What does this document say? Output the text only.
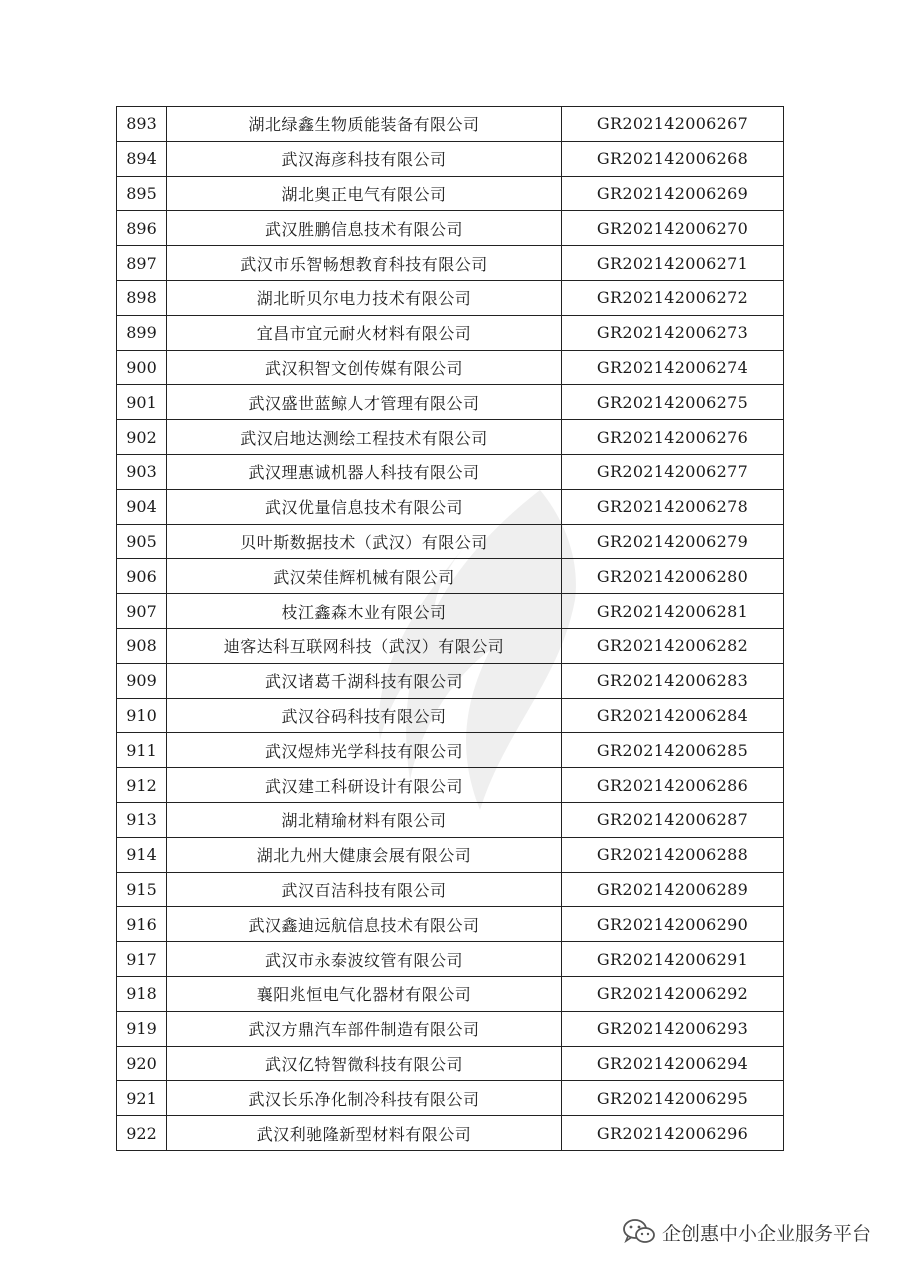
893	湖北绿鑫生物质能装备有限公司	GR202142006267
894	武汉海彦科技有限公司	GR202142006268
895	湖北奥正电气有限公司	GR202142006269
896	武汉胜鹏信息技术有限公司	GR202142006270
897	武汉市乐智畅想教育科技有限公司	GR202142006271
898	湖北昕贝尔电力技术有限公司	GR202142006272
899	宜昌市宜元耐火材料有限公司	GR202142006273
900	武汉积智文创传媒有限公司	GR202142006274
901	武汉盛世蓝鲸人才管理有限公司	GR202142006275
902	武汉启地达测绘工程技术有限公司	GR202142006276
903	武汉理惠诚机器人科技有限公司	GR202142006277
904	武汉优量信息技术有限公司	GR202142006278
905	贝叶斯数据技术（武汉）有限公司	GR202142006279
906	武汉荣佳辉机械有限公司	GR202142006280
907	枝江鑫森木业有限公司	GR202142006281
908	迪客达科互联网科技（武汉）有限公司	GR202142006282
909	武汉诸葛千湖科技有限公司	GR202142006283
910	武汉谷码科技有限公司	GR202142006284
911	武汉煜炜光学科技有限公司	GR202142006285
912	武汉建工科研设计有限公司	GR202142006286
913	湖北精瑜材料有限公司	GR202142006287
914	湖北九州大健康会展有限公司	GR202142006288
915	武汉百洁科技有限公司	GR202142006289
916	武汉鑫迪远航信息技术有限公司	GR202142006290
917	武汉市永泰波纹管有限公司	GR202142006291
918	襄阳兆恒电气化器材有限公司	GR202142006292
919	武汉方鼎汽车部件制造有限公司	GR202142006293
920	武汉亿特智微科技有限公司	GR202142006294
921	武汉长乐净化制冷科技有限公司	GR202142006295
922	武汉利驰隆新型材料有限公司	GR202142006296
企创惠中小企业服务平台
